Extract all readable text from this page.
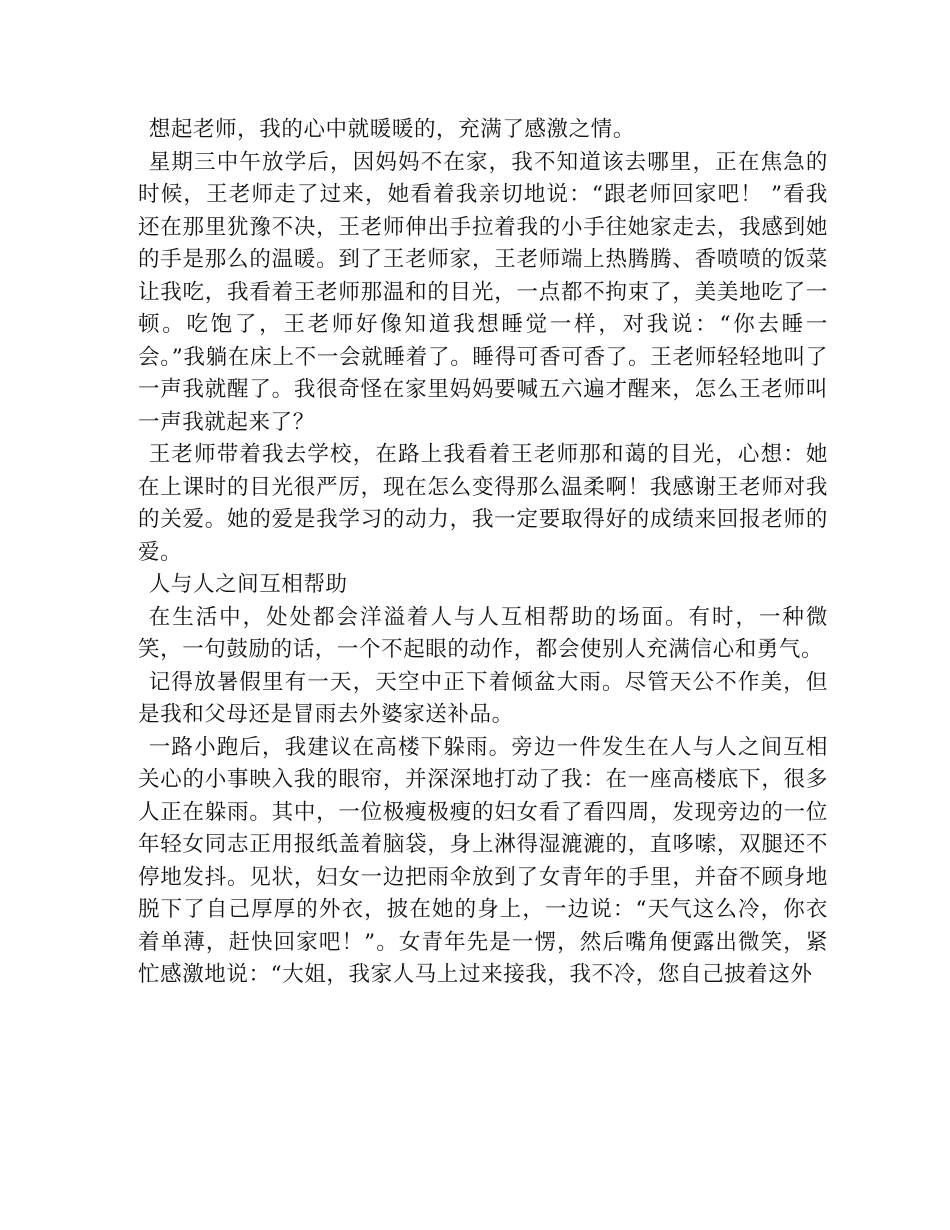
想起老师，我的心中就暖暖的，充满了感激之情。

星期三中午放学后，因妈妈不在家，我不知道该去哪里，正在焦急的时候，王老师走了过来，她看着我亲切地说：“跟老师回家吧！ ”看我还在那里犹豫不决，王老师伸出手拉着我的小手往她家走去，我感到她的手是那么的温暖。到了王老师家，王老师端上热腾腾、香喷喷的饭菜让我吃，我看着王老师那温和的目光，一点都不拘束了，美美地吃了一顿。吃饱了，王老师好像知道我想睡觉一样，对我说：“你去睡一会。”我躺在床上不一会就睡着了。睡得可香可香了。王老师轻轻地叫了一声我就醒了。我很奇怪在家里妈妈要喊五六遍才醒来，怎么王老师叫一声我就起来了？

王老师带着我去学校，在路上我看着王老师那和蔼的目光，心想：她在上课时的目光很严厉，现在怎么变得那么温柔啊！我感谢王老师对我的关爱。她的爱是我学习的动力，我一定要取得好的成绩来回报老师的爱。

人与人之间互相帮助

在生活中，处处都会洋溢着人与人互相帮助的场面。有时，一种微笑，一句鼓励的话，一个不起眼的动作，都会使别人充满信心和勇气。

记得放暑假里有一天，天空中正下着倾盆大雨。尽管天公不作美，但是我和父母还是冒雨去外婆家送补品。

一路小跑后，我建议在高楼下躲雨。旁边一件发生在人与人之间互相关心的小事映入我的眼帘，并深深地打动了我：在一座高楼底下，很多人正在躲雨。其中，一位极瘦极瘦的妇女看了看四周，发现旁边的一位年轻女同志正用报纸盖着脑袋，身上淋得湿漉漉的，直哆嗦，双腿还不停地发抖。见状，妇女一边把雨伞放到了女青年的手里，并奋不顾身地脱下了自己厚厚的外衣，披在她的身上，一边说：“天气这么冷，你衣着单薄，赶快回家吧！”。女青年先是一愣，然后嘴角便露出微笑，紧忙感激地说：“大姐，我家人马上过来接我，我不冷，您自己披着这外
